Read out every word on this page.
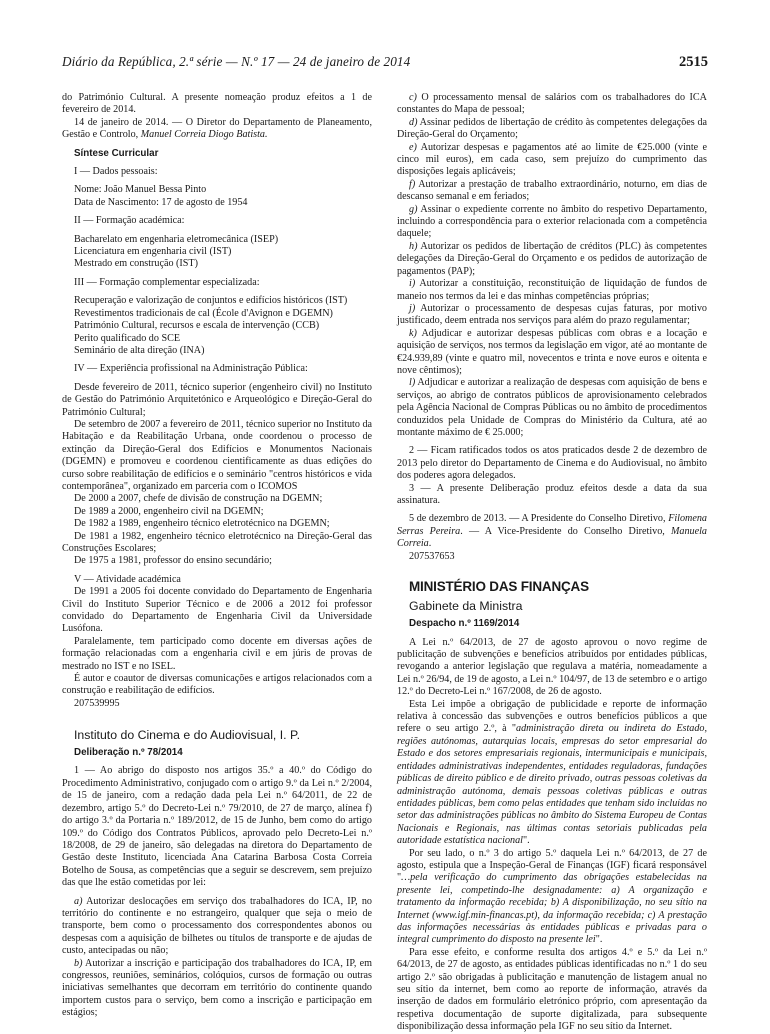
Diário da República, 2.ª série — N.º 17 — 24 de janeiro de 2014	2515

do Património Cultural. A presente nomeação produz efeitos a 1 de fevereiro de 2014.

14 de janeiro de 2014. — O Diretor do Departamento de Planeamento, Gestão e Controlo, Manuel Correia Diogo Batista.

Síntese Curricular

I — Dados pessoais:

Nome: João Manuel Bessa Pinto

Data de Nascimento: 17 de agosto de 1954

II — Formação académica:

Bacharelato em engenharia eletromecânica (ISEP)

Licenciatura em engenharia civil (IST)

Mestrado em construção (IST)

III — Formação complementar especializada:

Recuperação e valorização de conjuntos e edifícios históricos (IST)

Revestimentos tradicionais de cal (École d'Avignon e DGEMN)

Património Cultural, recursos e escala de intervenção (CCB)

Perito qualificado do SCE

Seminário de alta direção (INA)

IV — Experiência profissional na Administração Pública:

Desde fevereiro de 2011, técnico superior (engenheiro civil) no Instituto de Gestão do Património Arquitetónico e Arqueológico e Direção-Geral do Património Cultural;

De setembro de 2007 a fevereiro de 2011, técnico superior no Instituto da Habitação e da Reabilitação Urbana, onde coordenou o processo de extinção da Direção-Geral dos Edifícios e Monumentos Nacionais (DGEMN) e promoveu e coordenou cientificamente as duas edições do curso sobre reabilitação de edifícios e o seminário "centros históricos e vida contemporânea", organizado em parceria com o ICOMOS

De 2000 a 2007, chefe de divisão de construção na DGEMN;

De 1989 a 2000, engenheiro civil na DGEMN;

De 1982 a 1989, engenheiro técnico eletrotécnico na DGEMN;

De 1981 a 1982, engenheiro técnico eletrotécnico na Direção-Geral das Construções Escolares;

De 1975 a 1981, professor do ensino secundário;

V — Atividade académica

De 1991 a 2005 foi docente convidado do Departamento de Engenharia Civil do Instituto Superior Técnico e de 2006 a 2012 foi professor convidado do Departamento de Engenharia Civil da Universidade Lusófona.

Paralelamente, tem participado como docente em diversas ações de formação relacionadas com a engenharia civil e em júris de provas de mestrado no IST e no ISEL.

É autor e coautor de diversas comunicações e artigos relacionados com a construção e reabilitação de edifícios.

207539995

Instituto do Cinema e do Audiovisual, I. P.

Deliberação n.º 78/2014

1 — Ao abrigo do disposto nos artigos 35.º a 40.º do Código do Procedimento Administrativo, conjugado com o artigo 9.º da Lei n.º 2/2004, de 15 de janeiro, com a redação dada pela Lei n.º 64/2011, de 22 de dezembro, artigo 5.º do Decreto-Lei n.º 79/2010, de 27 de março, alínea f) do artigo 3.º da Portaria n.º 189/2012, de 15 de Junho, bem como do artigo 109.º do Código dos Contratos Públicos, aprovado pelo Decreto-Lei n.º 18/2008, de 29 de janeiro, são delegadas na diretora do Departamento de Gestão deste Instituto, licenciada Ana Catarina Barbosa Costa Correia Botelho de Sousa, as competências que a seguir se descrevem, sem prejuízo das que lhe estão cometidas por lei:

a) Autorizar deslocações em serviço dos trabalhadores do ICA, IP, no território do continente e no estrangeiro, qualquer que seja o meio de transporte, bem como o processamento dos correspondentes abonos ou despesas com a aquisição de bilhetes ou títulos de transporte e de ajudas de custo, antecipadas ou não;

b) Autorizar a inscrição e participação dos trabalhadores do ICA, IP, em congressos, reuniões, seminários, colóquios, cursos de formação ou outras iniciativas semelhantes que decorram em território do continente quando importem custos para o serviço, bem como a inscrição e participação em estágios;

c) O processamento mensal de salários com os trabalhadores do ICA constantes do Mapa de pessoal;

d) Assinar pedidos de libertação de crédito às competentes delegações da Direção-Geral do Orçamento;

e) Autorizar despesas e pagamentos até ao limite de €25.000 (vinte e cinco mil euros), em cada caso, sem prejuízo do cumprimento das disposições legais aplicáveis;

f) Autorizar a prestação de trabalho extraordinário, noturno, em dias de descanso semanal e em feriados;

g) Assinar o expediente corrente no âmbito do respetivo Departamento, incluindo a correspondência para o exterior relacionada com a competência daquele;

h) Autorizar os pedidos de libertação de créditos (PLC) às competentes delegações da Direção-Geral do Orçamento e os pedidos de autorização de pagamentos (PAP);

i) Autorizar a constituição, reconstituição de liquidação de fundos de maneio nos termos da lei e das minhas competências próprias;

j) Autorizar o processamento de despesas cujas faturas, por motivo justificado, deem entrada nos serviços para além do prazo regulamentar;

k) Adjudicar e autorizar despesas públicas com obras e a locação e aquisição de serviços, nos termos da legislação em vigor, até ao montante de €24.939,89 (vinte e quatro mil, novecentos e trinta e nove euros e oitenta e nove cêntimos);

l) Adjudicar e autorizar a realização de despesas com aquisição de bens e serviços, ao abrigo de contratos públicos de aprovisionamento celebrados pela Agência Nacional de Compras Públicas ou no âmbito de procedimentos conduzidos pela Unidade de Compras do Ministério da Cultura, até ao montante máximo de € 25.000;

2 — Ficam ratificados todos os atos praticados desde 2 de dezembro de 2013 pelo diretor do Departamento de Cinema e do Audiovisual, no âmbito dos poderes agora delegados.

3 — A presente Deliberação produz efeitos desde a data da sua assinatura.

5 de dezembro de 2013. — A Presidente do Conselho Diretivo, Filomena Serras Pereira. — A Vice-Presidente do Conselho Diretivo, Manuela Correia.

207537653

MINISTÉRIO DAS FINANÇAS

Gabinete da Ministra

Despacho n.º 1169/2014

A Lei n.º 64/2013, de 27 de agosto aprovou o novo regime de publicitação de subvenções e benefícios atribuídos por entidades públicas, revogando a anterior legislação que regulava a matéria, nomeadamente a Lei n.º 26/94, de 19 de agosto, a Lei n.º 104/97, de 13 de setembro e o artigo 12.º do Decreto-Lei n.º 167/2008, de 26 de agosto.

Esta Lei impõe a obrigação de publicidade e reporte de informação relativa à concessão das subvenções e outros benefícios públicos a que refere o seu artigo 2.º, à "administração direta ou indireta do Estado, regiões autónomas, autarquias locais, empresas do setor empresarial do Estado e dos setores empresariais regionais, intermunicipais e municipais, entidades administrativas independentes, entidades reguladoras, fundações públicas de direito público e de direito privado, outras pessoas coletivas da administração autónoma, demais pessoas coletivas públicas e outras entidades públicas, bem como pelas entidades que tenham sido incluídas no setor das administrações públicas no âmbito do Sistema Europeu de Contas Nacionais e Regionais, nas últimas contas setoriais publicadas pela autoridade estatística nacional".

Por seu lado, o n.º 3 do artigo 5.º daquela Lei n.º 64/2013, de 27 de agosto, estipula que a Inspeção-Geral de Finanças (IGF) ficará responsável "…pela verificação do cumprimento das obrigações estabelecidas na presente lei, competindo-lhe designadamente: a) A organização e tratamento da informação recebida; b) A disponibilização, no seu sítio na Internet (www.igf.min-financas.pt), da informação recebida; c) A prestação das informações necessárias às entidades públicas e privadas para o integral cumprimento do disposto na presente lei".

Para esse efeito, e conforme resulta dos artigos 4.º e 5.º da Lei n.º 64/2013, de 27 de agosto, as entidades públicas identificadas no n.º 1 do seu artigo 2.º são obrigadas à publicitação e manutenção de listagem anual no seu sítio da internet, bem como ao reporte de informação, através da inserção de dados em formulário eletrónico próprio, com apresentação da respetiva documentação de suporte digitalizada, para subsequente disponibilização dessa informação pela IGF no seu sítio da Internet.
